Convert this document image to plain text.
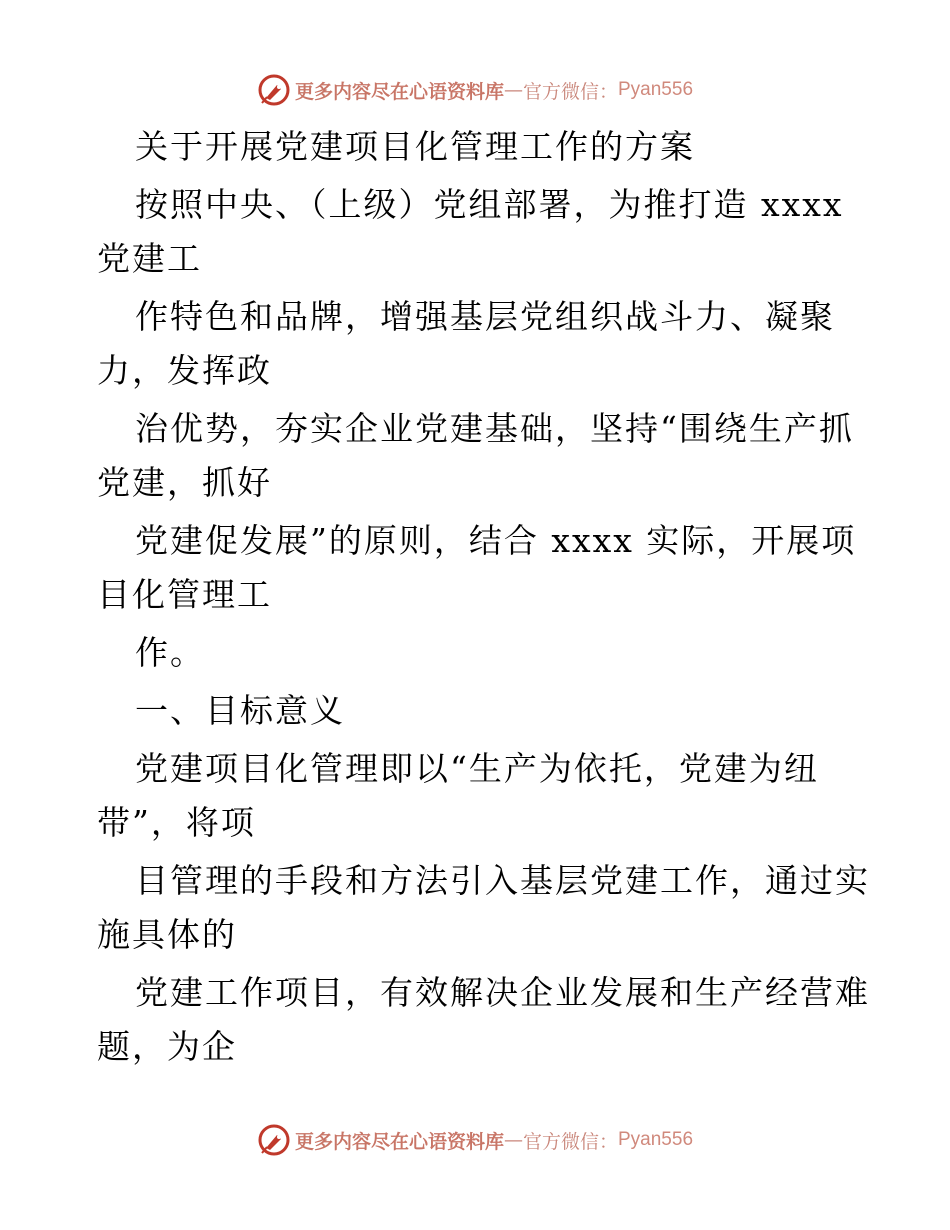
更多内容尽在心语资料库 — 官方微信： Pyan556
关于开展党建项目化管理工作的方案
按照中央、（上级）党组部署，为推打造 xxxx
党建工
作特色和品牌，增强基层党组织战斗力、凝聚
力，发挥政
治优势，夯实企业党建基础，坚持“围绕生产抓
党建，抓好
党建促发展”的原则，结合 xxxx 实际，开展项
目化管理工
作。
一、目标意义
党建项目化管理即以“生产为依托，党建为纽
带”，将项
目管理的手段和方法引入基层党建工作，通过实
施具体的
党建工作项目，有效解决企业发展和生产经营难
题，为企
更多内容尽在心语资料库 — 官方微信： Pyan556
